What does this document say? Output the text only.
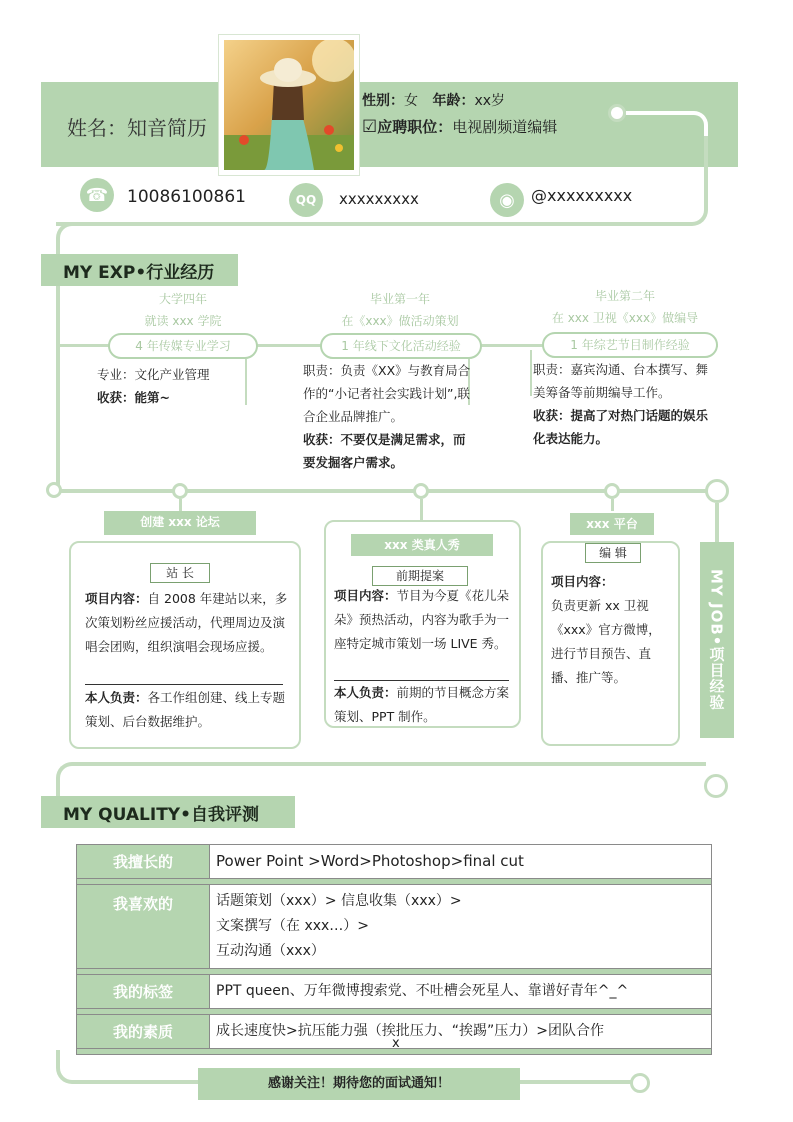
姓名：知音简历
性别：女 年龄：xx岁
☑应聘职位：电视剧频道编辑
☎	10086100861	QQ	xxxxxxxxx	◉	@xxxxxxxxx
MY EXP•行业经历
大学四年
就读 xxx 学院
4 年传媒专业学习
专业：文化产业管理
收获：能第~
毕业第一年
在《xxx》做活动策划
1 年线下文化活动经验
职责：负责《XX》与教育局合作的“小记者社会实践计划”,联合企业品牌推广。
收获：不要仅是满足需求，而要发掘客户需求。
毕业第二年
在 xxx 卫视《xxx》做编导
1 年综艺节目制作经验
职责：嘉宾沟通、台本撰写、舞美筹备等前期编导工作。
收获：提高了对热门话题的娱乐化表达能力。
创建 xxx 论坛
站 长
项目内容：自 2008 年建站以来，多次策划粉丝应援活动，代理周边及演唱会团购，组织演唱会现场应援。
本人负责：各工作组创建、线上专题策划、后台数据维护。
xxx 类真人秀
前期提案
项目内容：节目为今夏《花儿朵朵》预热活动，内容为歌手为一座特定城市策划一场 LIVE 秀。
本人负责：前期的节目概念方案策划、PPT 制作。
xxx 平台
编 辑
项目内容：
负责更新 xx 卫视《xxx》官方微博，进行节目预告、直播、推广等。	MY JOB•项目经验
MY QUALITY•自我评测
我擅长的	Power Point >Word>Photoshop>final cut

我喜欢的	话题策划（xxx）> 信息收集（xxx）>
文案撰写（在 xxx…）>
互动沟通（xxx）

我的标签	PPT queen、万年微博搜索党、不吐槽会死星人、靠谱好青年^_^

我的素质	成长速度快>抗压能力强（挨批压力、“挨踢”压力）>团队合作

x
感谢关注！期待您的面试通知！
